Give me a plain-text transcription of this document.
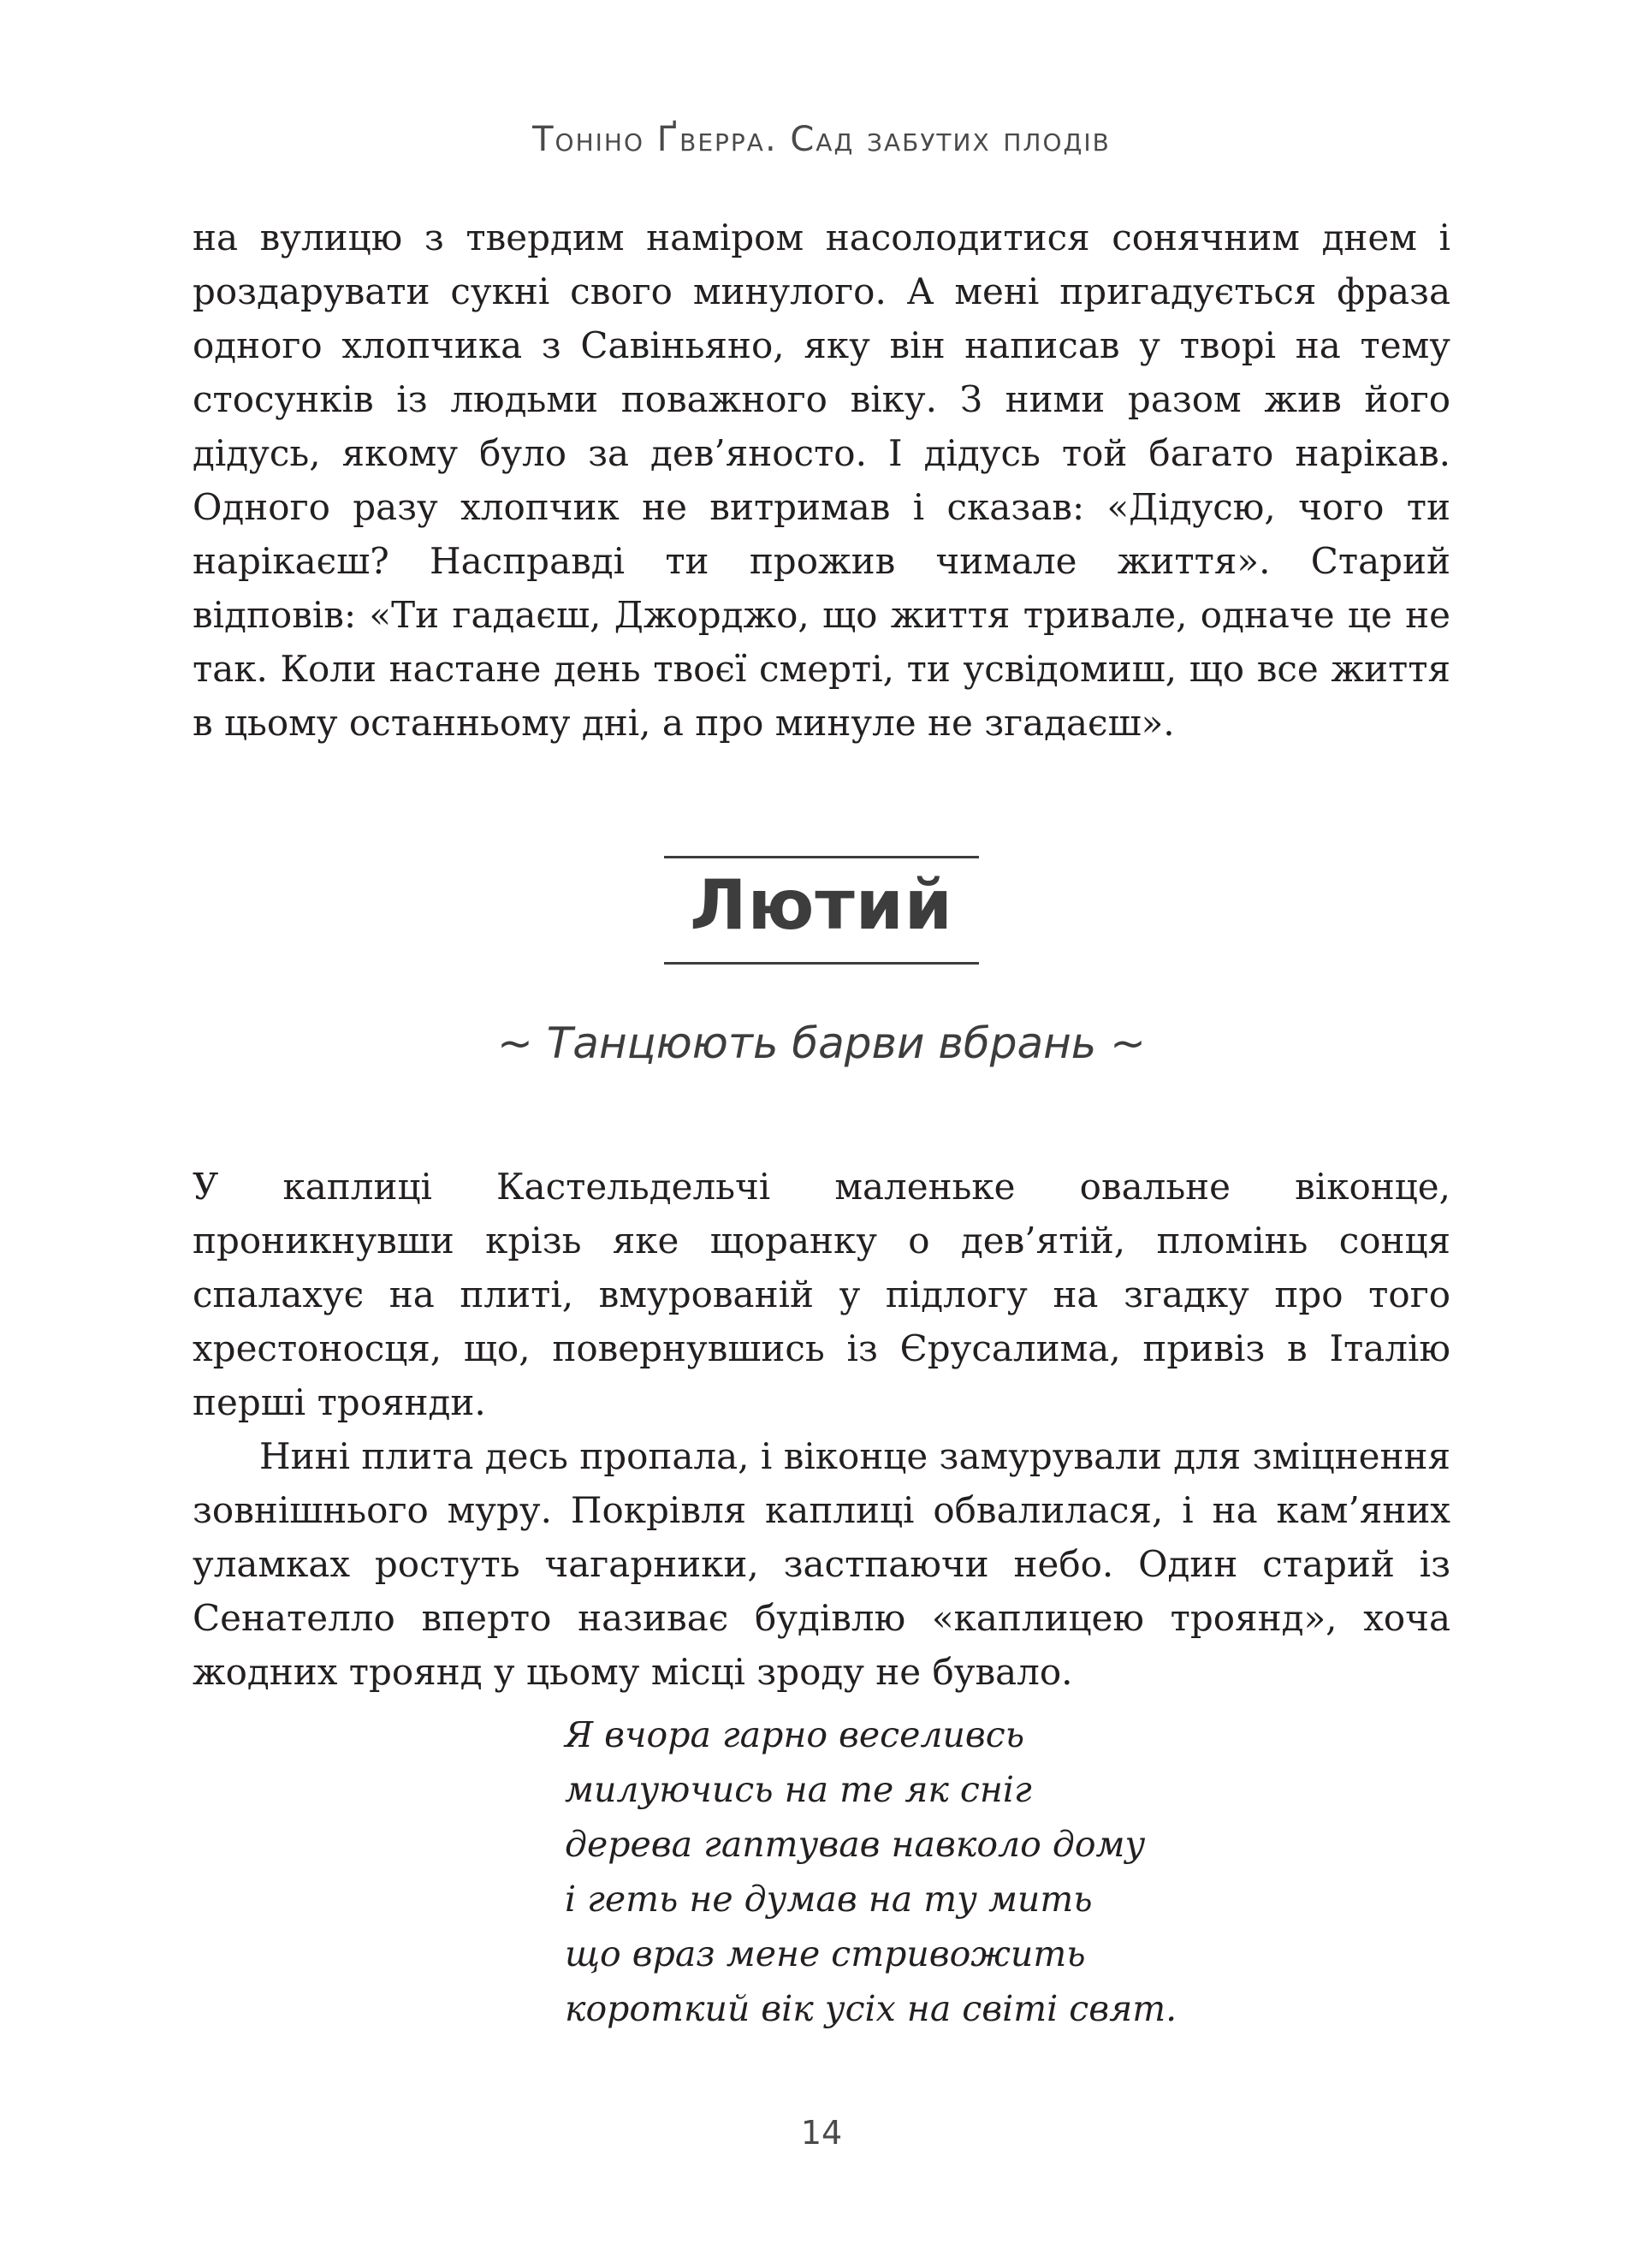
Тоніно Ґверра. Сад забутих плодів

на вулицю з твердим наміром насолодитися сонячним днем і роздарувати сукні свого минулого. А мені пригадується фраза одного хлопчика з Савіньяно, яку він написав у творі на тему стосунків із людьми поважного віку. З ними разом жив його дідусь, якому було за дев’яносто. І дідусь той багато нарікав. Одного разу хлопчик не витримав і сказав: «Дідусю, чого ти нарікаєш? Насправді ти прожив чимале життя». Старий відповів: «Ти гадаєш, Джорджо, що життя тривале, одначе це не так. Коли настане день твоєї смерті, ти усвідомиш, що все життя в цьому останньому дні, а про минуле не згадаєш».

Лютий
~ Танцюють барви вбрань ~

У каплиці Кастельдельчі маленьке овальне віконце, проникнувши крізь яке щоранку о дев’ятій, пломінь сонця спалахує на плиті, вмурованій у підлогу на згадку про того хрестоносця, що, повернувшись із Єрусалима, привіз в Італію перші троянди.

Нині плита десь пропала, і віконце замурували для зміцнення зовнішнього муру. Покрівля каплиці обвалилася, і на кам’яних уламках ростуть чагарники, застпаючи небо. Один старий із Сенателло вперто називає будівлю «каплицею троянд», хоча жодних троянд у цьому місці зроду не бувало.

Я вчора гарно веселивсь
милуючись на те як сніг
дерева гаптував навколо дому
і геть не думав на ту мить
що враз мене стривожить
короткий вік усіх на світі свят.
14
